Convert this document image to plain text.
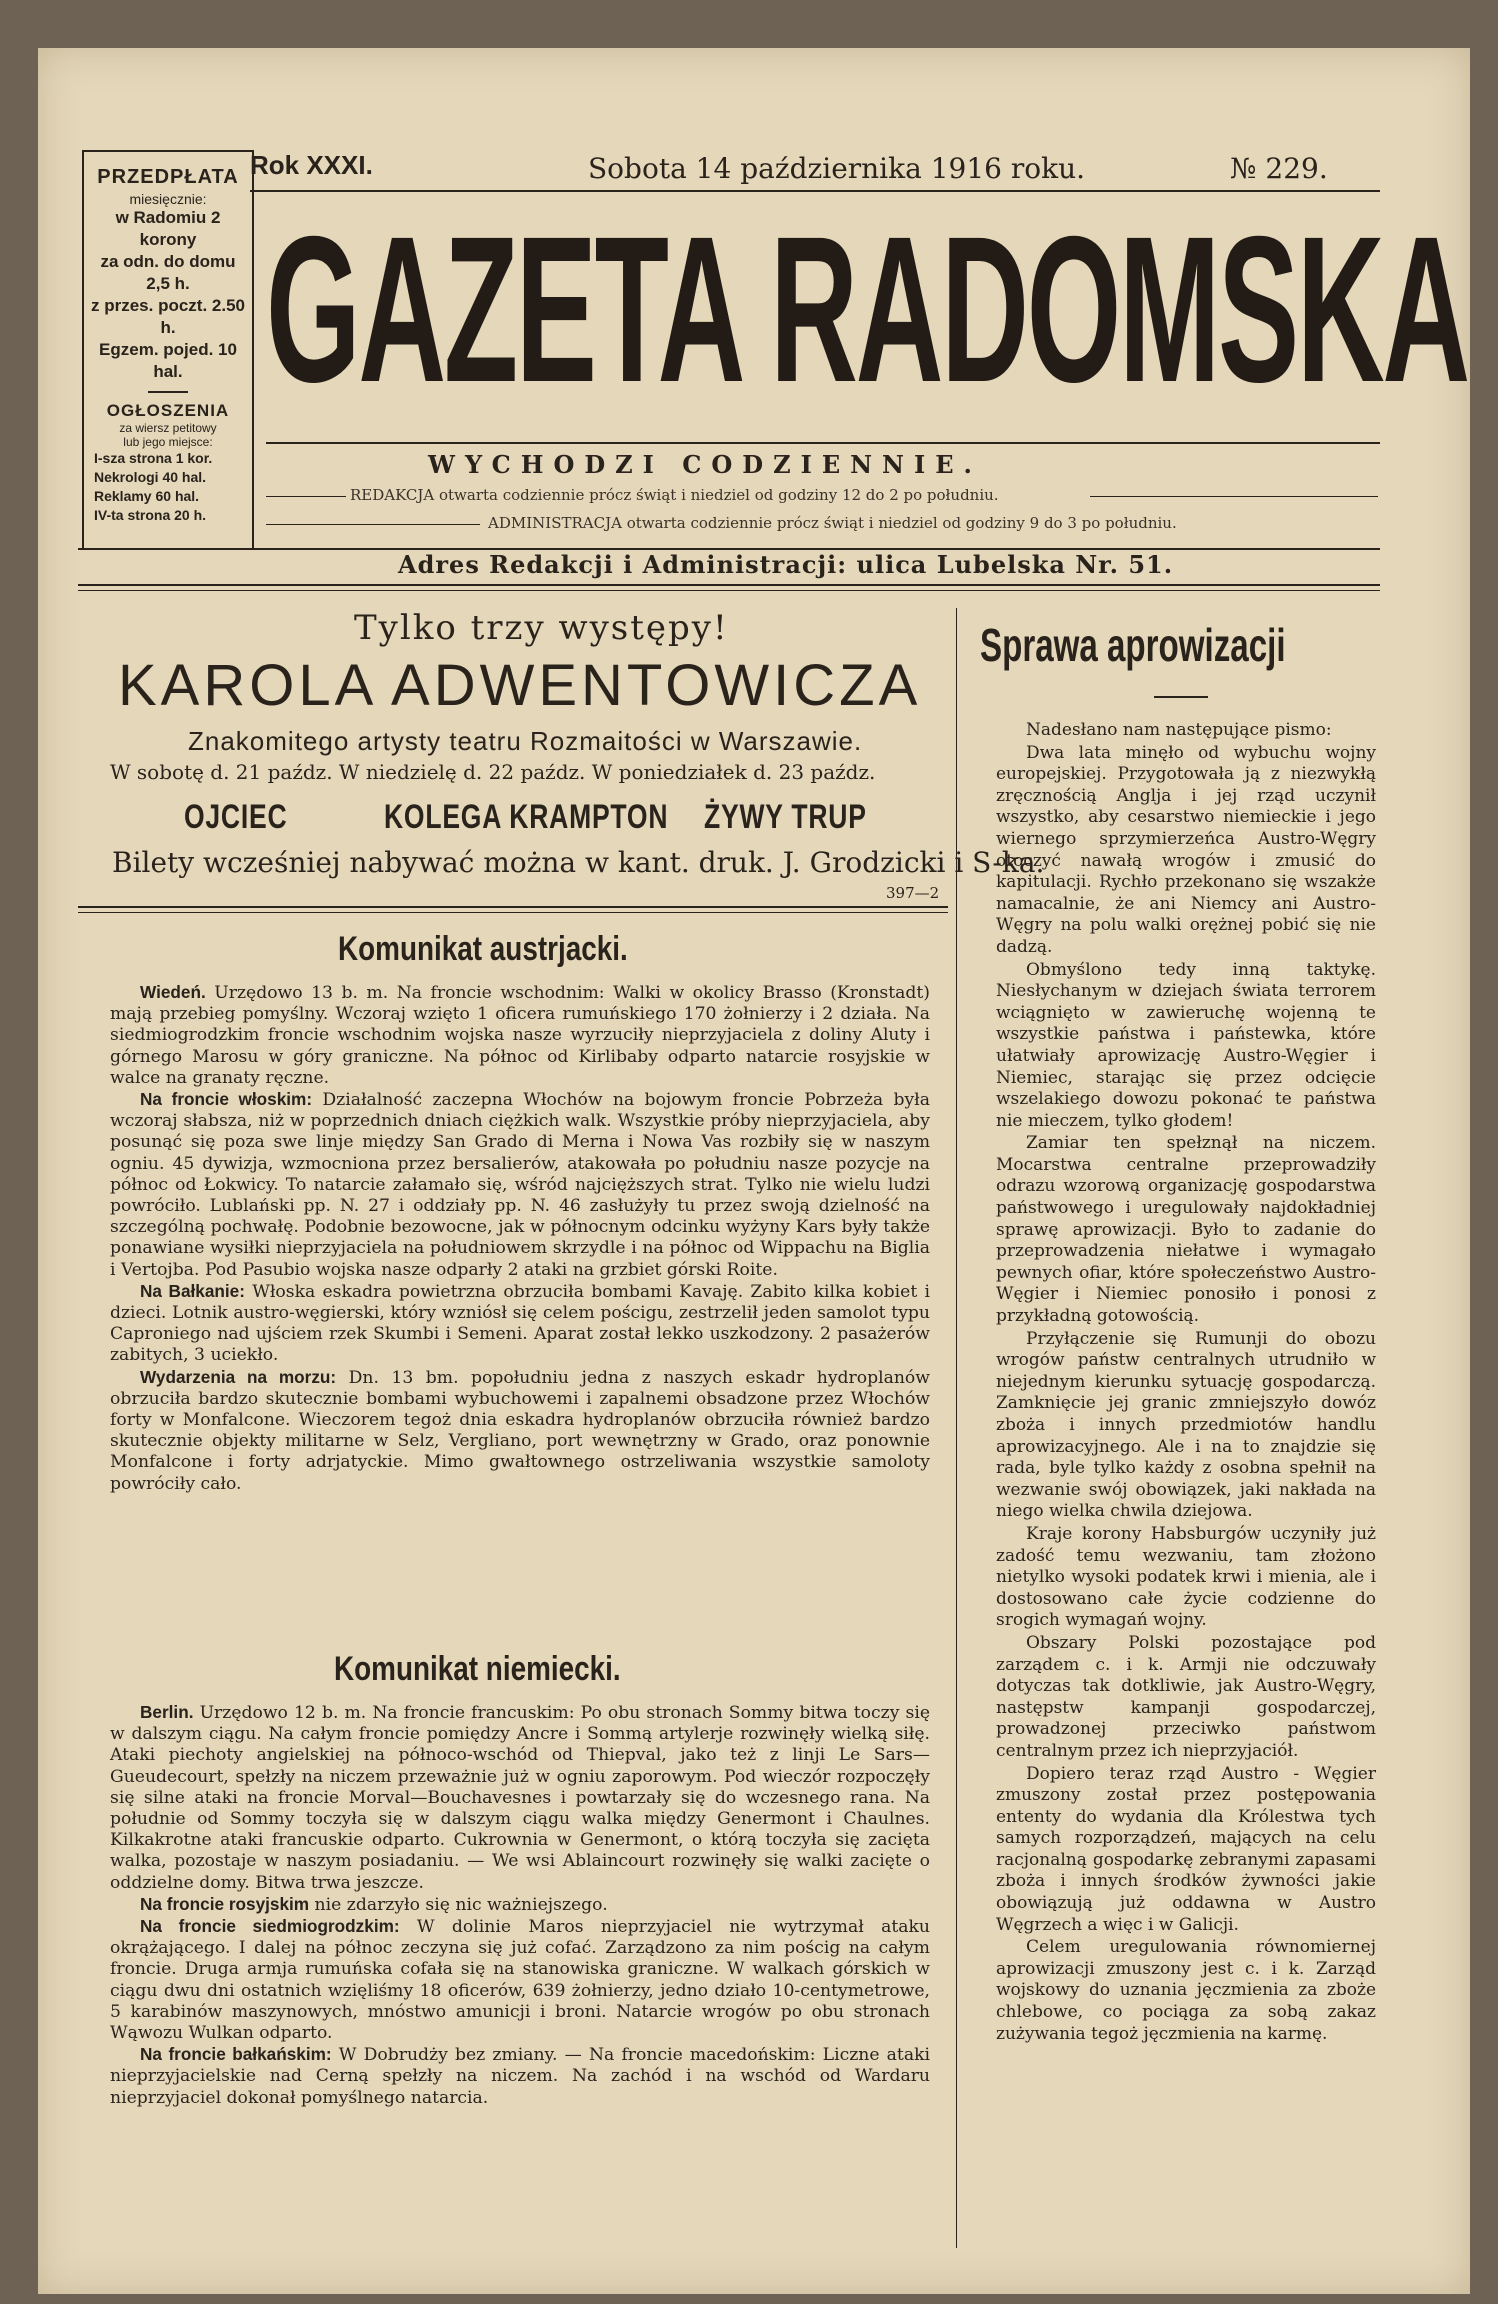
PRZEDPŁATA
miesięcznie:
w Radomiu 2 korony
za odn. do domu 2,5 h.
z przes. poczt. 2.50 h.
Egzem. pojed. 10 hal.
OGŁOSZENIA
za wiersz petitowy
lub jego miejsce:
I-sza strona 1 kor.
Nekrologi 40 hal.
Reklamy 60 hal.
IV-ta strona 20 h.
Rok XXXI.	Sobota 14 października 1916 roku.	№ 229.
GAZETA RADOMSKA
WYCHODZI CODZIENNIE.
REDAKCJA otwarta codziennie prócz świąt i niedziel od godziny 12 do 2 po południu.
ADMINISTRACJA otwarta codziennie prócz świąt i niedziel od godziny 9 do 3 po południu.
Adres Redakcji i Administracji: ulica Lubelska Nr. 51.
Tylko trzy występy!
KAROLA ADWENTOWICZA
Znakomitego artysty teatru Rozmaitości w Warszawie.
W sobotę d. 21 paźdz. W niedzielę d. 22 paźdz. W poniedziałek d. 23 paźdz.
OJCIEC	KOLEGA KRAMPTON ŻYWY TRUP
Bilety wcześniej nabywać można w kant. druk. J. Grodzicki i S-ka.
397—2
Komunikat austrjacki.

Wiedeń. Urzędowo 13 b. m. Na froncie wschodnim: Walki w okolicy Brasso (Kronstadt) mają przebieg pomyślny. Wczoraj wzięto 1 oficera rumuńskiego 170 żołnierzy i 2 działa. Na siedmiogrodzkim froncie wschodnim wojska nasze wyrzuciły nieprzyjaciela z doliny Aluty i górnego Marosu w góry graniczne. Na północ od Kirlibaby odparto natarcie rosyjskie w walce na granaty ręczne.

Na froncie włoskim: Działalność zaczepna Włochów na bojowym froncie Pobrzeża była wczoraj słabsza, niż w poprzednich dniach ciężkich walk. Wszystkie próby nieprzyjaciela, aby posunąć się poza swe linje między San Grado di Merna i Nowa Vas rozbiły się w naszym ogniu. 45 dywizja, wzmocniona przez bersalierów, atakowała po południu nasze pozycje na północ od Łokwicy. To natarcie załamało się, wśród najcięższych strat. Tylko nie wielu ludzi powróciło. Lublański pp. N. 27 i oddziały pp. N. 46 zasłużyły tu przez swoją dzielność na szczególną pochwałę. Podobnie bezowocne, jak w północnym odcinku wyżyny Kars były także ponawiane wysiłki nieprzyjaciela na południowem skrzydle i na północ od Wippachu na Biglia i Vertojba. Pod Pasubio wojska nasze odparły 2 ataki na grzbiet górski Roite.

Na Bałkanie: Włoska eskadra powietrzna obrzuciła bombami Kavaję. Zabito kilka kobiet i dzieci. Lotnik austro-węgierski, który wzniósł się celem pościgu, zestrzelił jeden samolot typu Caproniego nad ujściem rzek Skumbi i Semeni. Aparat został lekko uszkodzony. 2 pasażerów zabitych, 3 uciekło.

Wydarzenia na morzu: Dn. 13 bm. popołudniu jedna z naszych eskadr hydroplanów obrzuciła bardzo skutecznie bombami wybuchowemi i zapalnemi obsadzone przez Włochów forty w Monfalcone. Wieczorem tegoż dnia eskadra hydroplanów obrzuciła również bardzo skutecznie objekty militarne w Selz, Vergliano, port wewnętrzny w Grado, oraz ponownie Monfalcone i forty adrjatyckie. Mimo gwałtownego ostrzeliwania wszystkie samoloty powróciły cało.

Komunikat niemiecki.

Berlin. Urzędowo 12 b. m. Na froncie francuskim: Po obu stronach Sommy bitwa toczy się w dalszym ciągu. Na całym froncie pomiędzy Ancre i Sommą artylerje rozwinęły wielką siłę. Ataki piechoty angielskiej na północo-wschód od Thiepval, jako też z linji Le Sars—Gueudecourt, spełzły na niczem przeważnie już w ogniu zaporowym. Pod wieczór rozpoczęły się silne ataki na froncie Morval—Bouchavesnes i powtarzały się do wczesnego rana. Na południe od Sommy toczyła się w dalszym ciągu walka między Genermont i Chaulnes. Kilkakrotne ataki francuskie odparto. Cukrownia w Genermont, o którą toczyła się zacięta walka, pozostaje w naszym posiadaniu. — We wsi Ablaincourt rozwinęły się walki zacięte o oddzielne domy. Bitwa trwa jeszcze.

Na froncie rosyjskim nie zdarzyło się nic ważniejszego.

Na froncie siedmiogrodzkim: W dolinie Maros nieprzyjaciel nie wytrzymał ataku okrążającego. I dalej na północ zeczyna się już cofać. Zarządzono za nim pościg na całym froncie. Druga armja rumuńska cofała się na stanowiska graniczne. W walkach górskich w ciągu dwu dni ostatnich wzięliśmy 18 oficerów, 639 żołnierzy, jedno działo 10-centymetrowe, 5 karabinów maszynowych, mnóstwo amunicji i broni. Natarcie wrogów po obu stronach Wąwozu Wulkan odparto.

Na froncie bałkańskim: W Dobrudży bez zmiany. — Na froncie macedońskim: Liczne ataki nieprzyjacielskie nad Cerną spełzły na niczem. Na zachód i na wschód od Wardaru nieprzyjaciel dokonał pomyślnego natarcia.

Sprawa aprowizacji

Nadesłano nam następujące pismo:

Dwa lata minęło od wybuchu wojny europejskiej. Przygotowała ją z niezwykłą zręcznością Anglja i jej rząd uczynił wszystko, aby cesarstwo niemieckie i jego wiernego sprzymierzeńca Austro-Węgry otoczyć nawałą wrogów i zmusić do kapitulacji. Rychło przekonano się wszakże namacalnie, że ani Niemcy ani Austro-Węgry na polu walki orężnej pobić się nie dadzą.

Obmyślono tedy inną taktykę. Niesłychanym w dziejach świata terrorem wciągnięto w zawieruchę wojenną te wszystkie państwa i państewka, które ułatwiały aprowizację Austro-Węgier i Niemiec, starając się przez odcięcie wszelakiego dowozu pokonać te państwa nie mieczem, tylko głodem!

Zamiar ten spełznął na niczem. Mocarstwa centralne przeprowadziły odrazu wzorową organizację gospodarstwa państwowego i uregulowały najdokładniej sprawę aprowizacji. Było to zadanie do przeprowadzenia niełatwe i wymagało pewnych ofiar, które społeczeństwo Austro-Węgier i Niemiec ponosiło i ponosi z przykładną gotowością.

Przyłączenie się Rumunji do obozu wrogów państw centralnych utrudniło w niejednym kierunku sytuację gospodarczą. Zamknięcie jej granic zmniejszyło dowóz zboża i innych przedmiotów handlu aprowizacyjnego. Ale i na to znajdzie się rada, byle tylko każdy z osobna spełnił na wezwanie swój obowiązek, jaki nakłada na niego wielka chwila dziejowa.

Kraje korony Habsburgów uczyniły już zadość temu wezwaniu, tam złożono nietylko wysoki podatek krwi i mienia, ale i dostosowano całe życie codzienne do srogich wymagań wojny.

Obszary Polski pozostające pod zarządem c. i k. Armji nie odczuwały dotyczas tak dotkliwie, jak Austro-Węgry, następstw kampanji gospodarczej, prowadzonej przeciwko państwom centralnym przez ich nieprzyjaciół.

Dopiero teraz rząd Austro - Węgier zmuszony został przez postępowania ententy do wydania dla Królestwa tych samych rozporządzeń, mających na celu racjonalną gospodarkę zebranymi zapasami zboża i innych środków żywności jakie obowiązują już oddawna w Austro Węgrzech a więc i w Galicji.

Celem uregulowania równomiernej aprowizacji zmuszony jest c. i k. Zarząd wojskowy do uznania jęczmienia za zboże chlebowe, co pociąga za sobą zakaz zużywania tegoż jęczmienia na karmę.
